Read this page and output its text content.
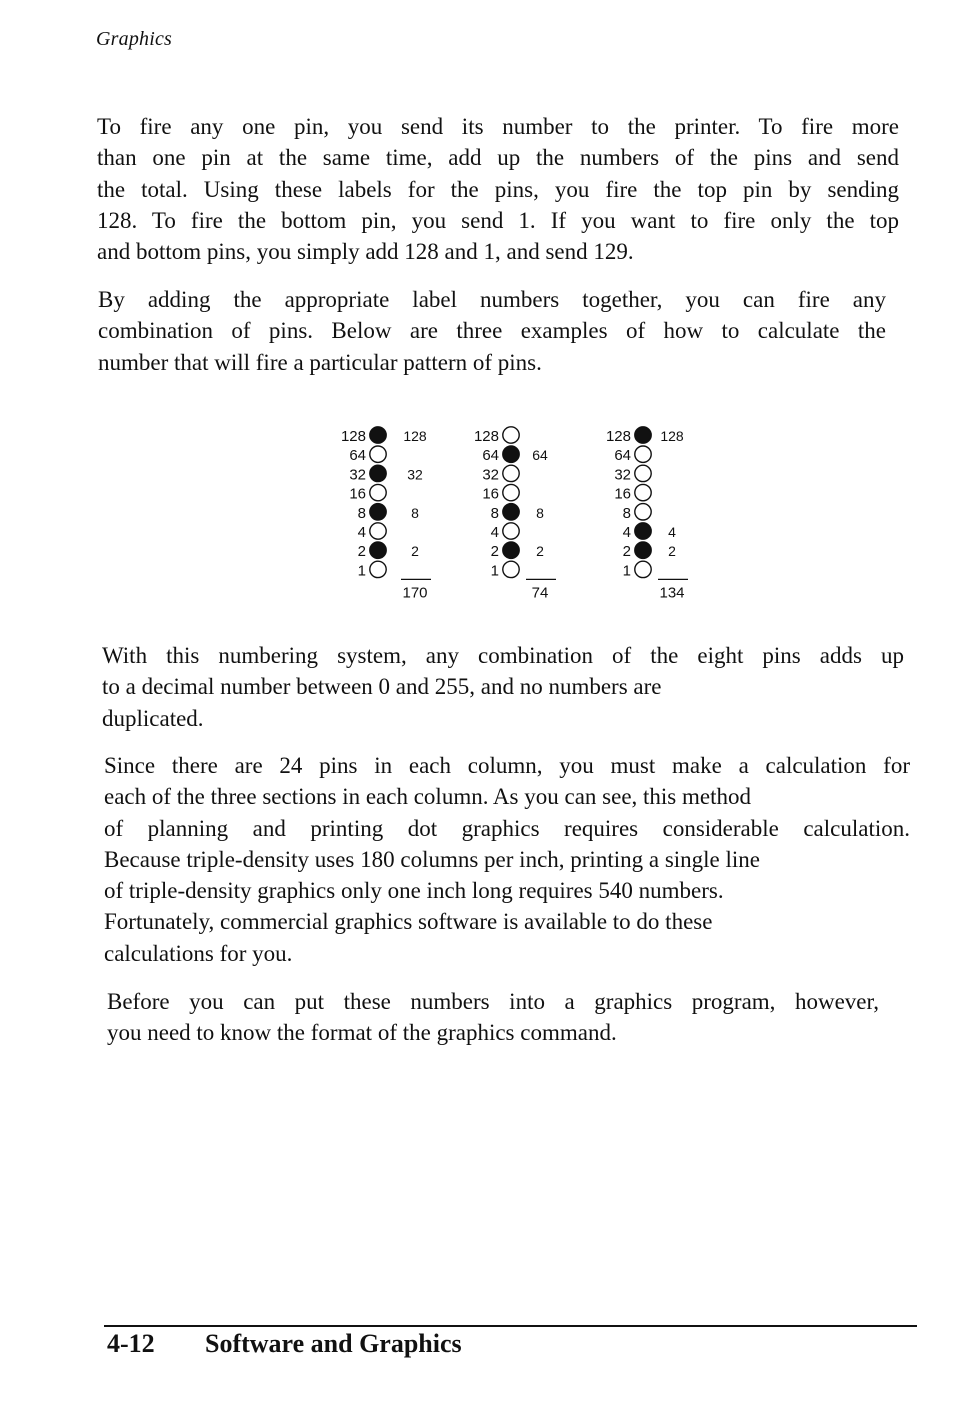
Graphics
To fire any one pin, you send its number to the printer. To fire more
than one pin at the same time, add up the numbers of the pins and send
the total. Using these labels for the pins, you fire the top pin by sending
128. To fire the bottom pin, you send 1. If you want to fire only the top
and bottom pins, you simply add 128 and 1, and send 129.
By adding the appropriate label numbers together, you can fire any
combination of pins. Below are three examples of how to calculate the
number that will fire a particular pattern of pins.
128
64
32
16
8
4
2
1
128
32
8
2
170
128
64
32
16
8
4
2
1
64
8
2
74
128
64
32
16
8
4
2
1
128
4
2
134
With this numbering system, any combination of the eight pins adds up
to a decimal number between 0 and 255, and no numbers are
duplicated.
Since there are 24 pins in each column, you must make a calculation for
each of the three sections in each column. As you can see, this method
of planning and printing dot graphics requires considerable calculation.
Because triple-density uses 180 columns per inch, printing a single line
of triple-density graphics only one inch long requires 540 numbers.
Fortunately, commercial graphics software is available to do these
calculations for you.
Before you can put these numbers into a graphics program, however,
you need to know the format of the graphics command.
4-12 Software and Graphics
